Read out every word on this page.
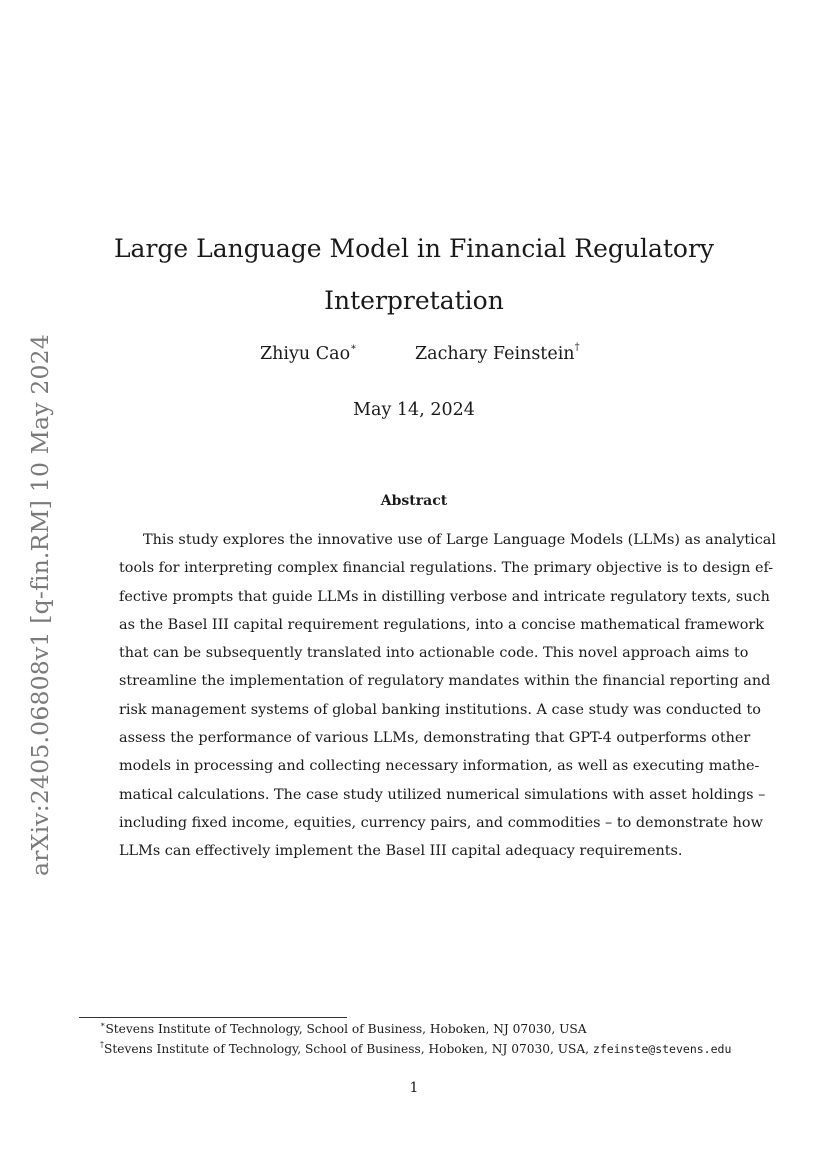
arXiv:2405.06808v1 [q-fin.RM] 10 May 2024
Large Language Model in Financial Regulatory
Interpretation
Zhiyu Cao∗	Zachary Feinstein†
May 14, 2024
Abstract
This study explores the innovative use of Large Language Models (LLMs) as analytical
tools for interpreting complex financial regulations. The primary objective is to design ef-
fective prompts that guide LLMs in distilling verbose and intricate regulatory texts, such
as the Basel III capital requirement regulations, into a concise mathematical framework
that can be subsequently translated into actionable code. This novel approach aims to
streamline the implementation of regulatory mandates within the financial reporting and
risk management systems of global banking institutions. A case study was conducted to
assess the performance of various LLMs, demonstrating that GPT-4 outperforms other
models in processing and collecting necessary information, as well as executing mathe-
matical calculations. The case study utilized numerical simulations with asset holdings –
including fixed income, equities, currency pairs, and commodities – to demonstrate how
LLMs can effectively implement the Basel III capital adequacy requirements.
∗Stevens Institute of Technology, School of Business, Hoboken, NJ 07030, USA
†Stevens Institute of Technology, School of Business, Hoboken, NJ 07030, USA, zfeinste@stevens.edu
1
